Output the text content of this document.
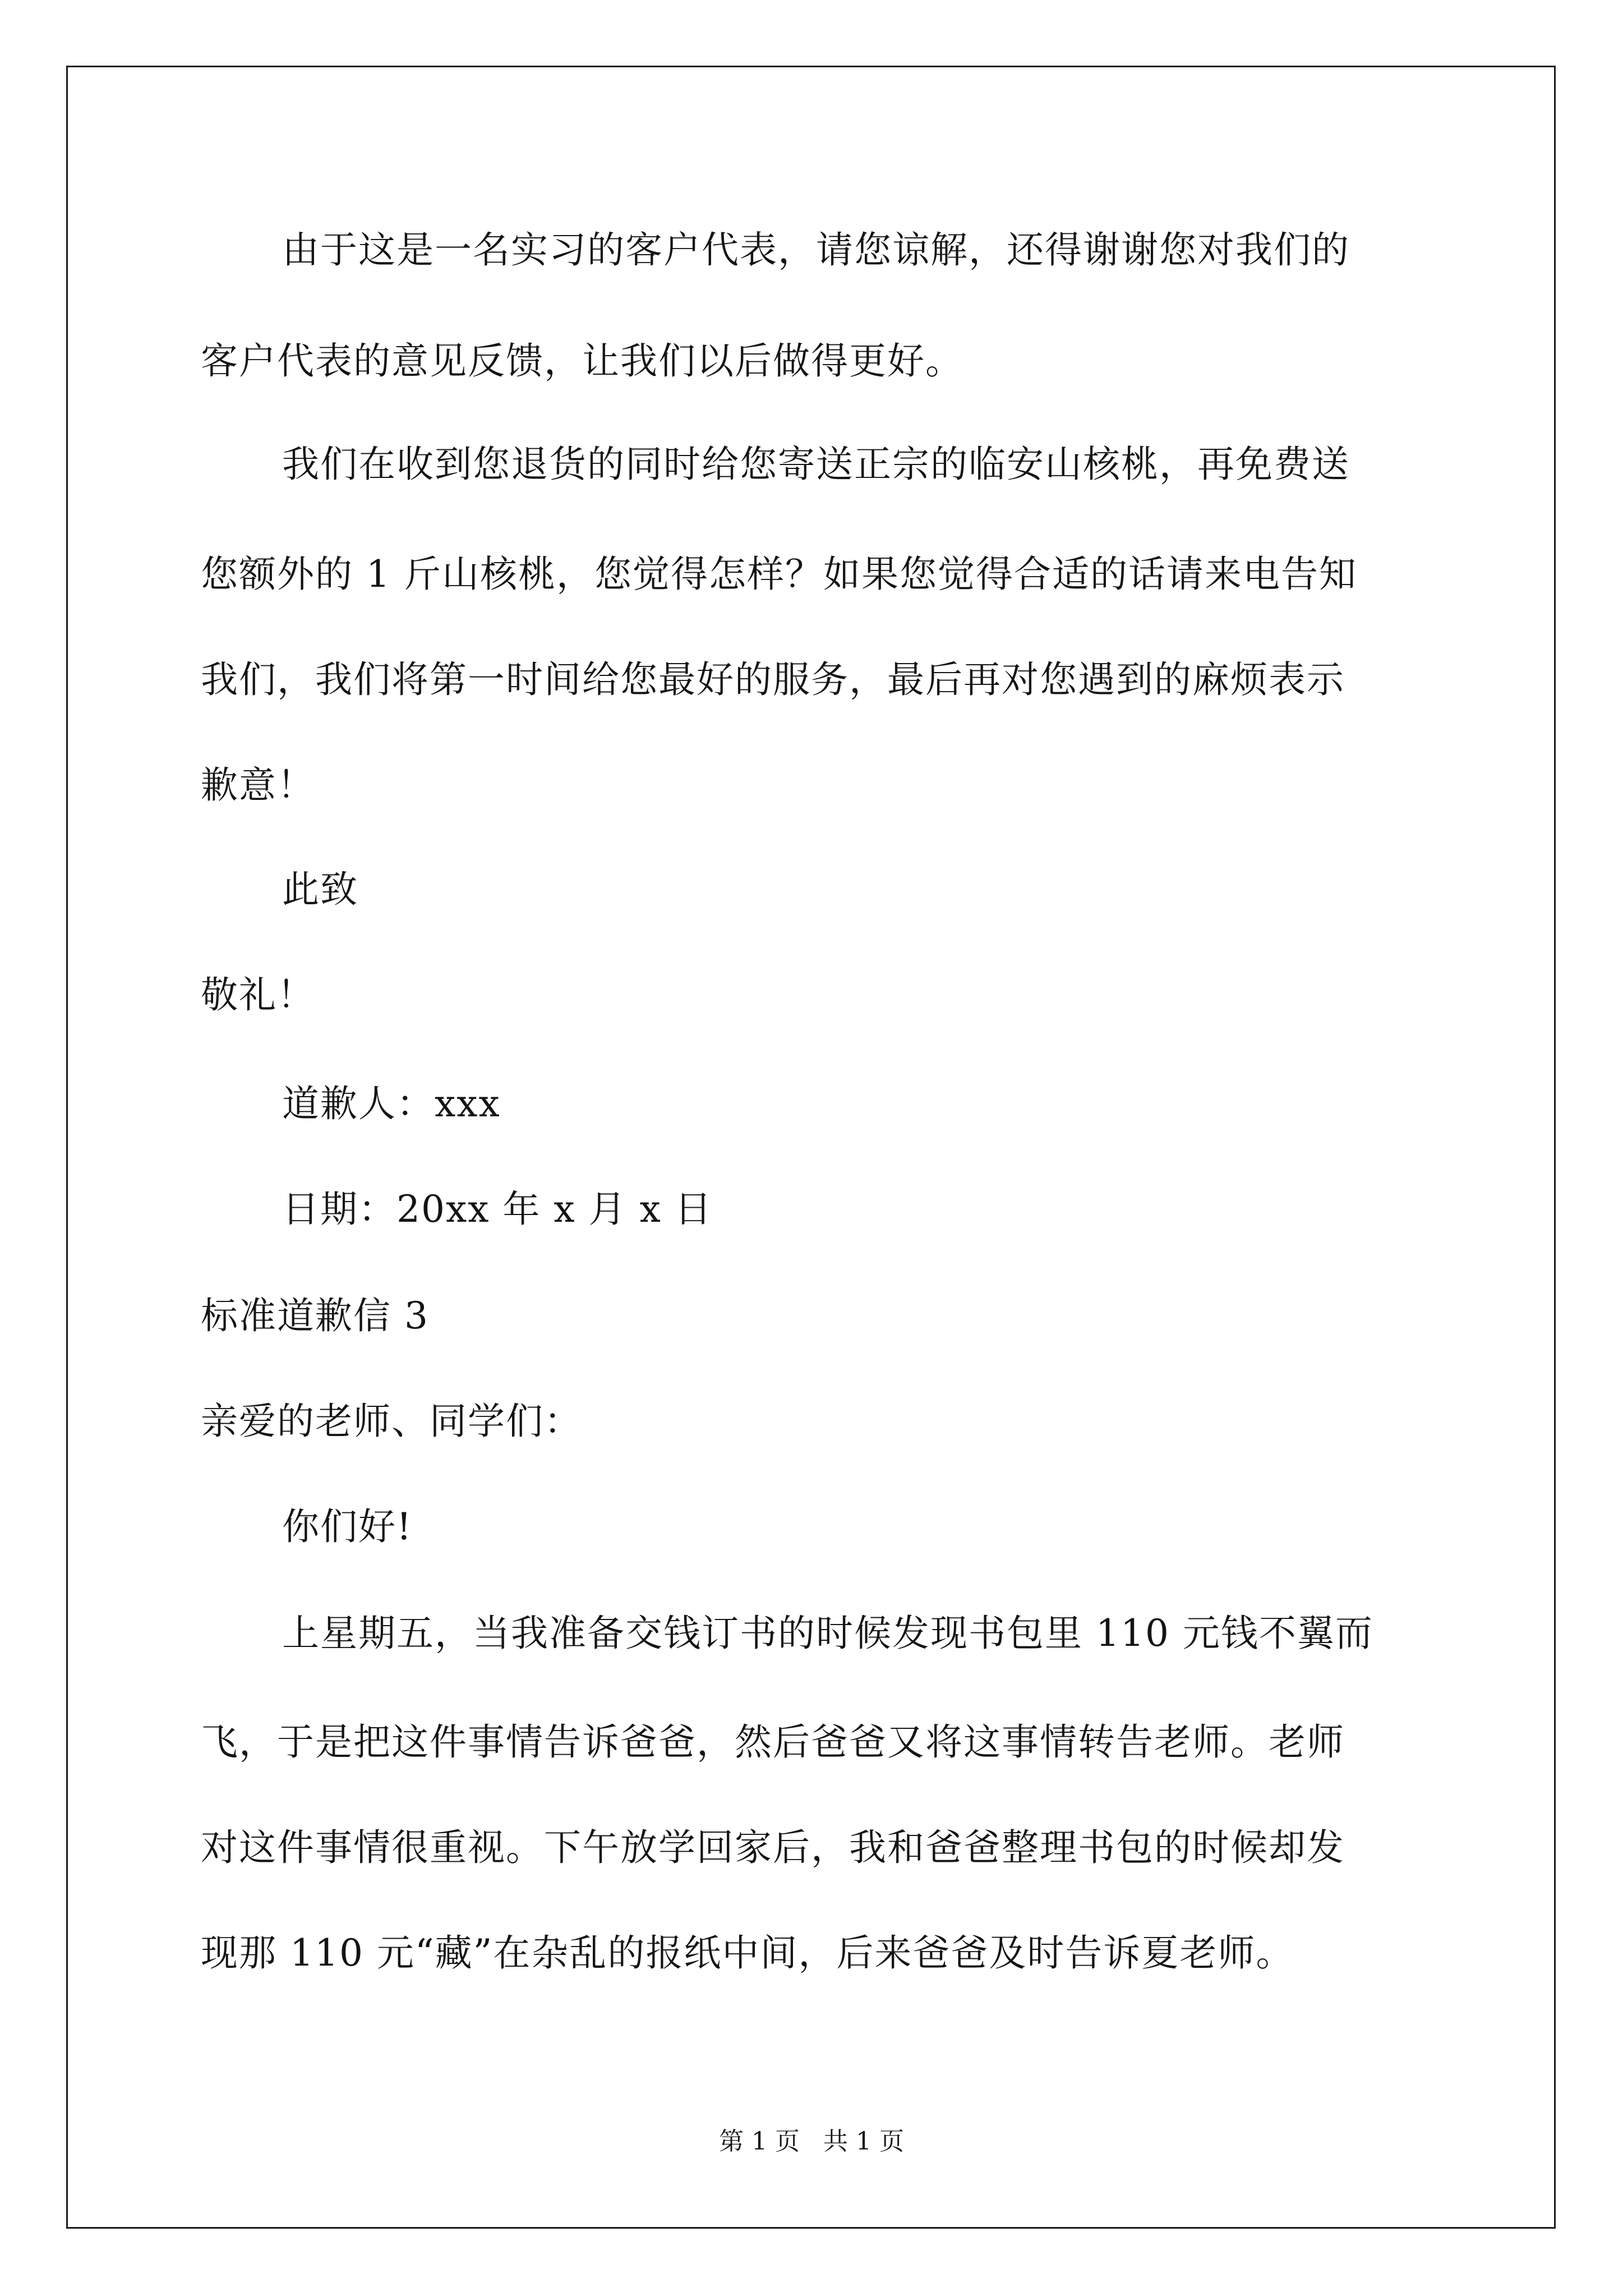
由于这是一名实习的客户代表，请您谅解，还得谢谢您对我们的
客户代表的意见反馈，让我们以后做得更好。
我们在收到您退货的同时给您寄送正宗的临安山核桃，再免费送
您额外的 1 斤山核桃，您觉得怎样？如果您觉得合适的话请来电告知
我们，我们将第一时间给您最好的服务，最后再对您遇到的麻烦表示
歉意！
此致
敬礼！
道歉人：xxx
日期：20xx 年 x 月 x 日
标准道歉信 3
亲爱的老师、同学们：
你们好!
上星期五，当我准备交钱订书的时候发现书包里 110 元钱不翼而
飞，于是把这件事情告诉爸爸，然后爸爸又将这事情转告老师。老师
对这件事情很重视。下午放学回家后，我和爸爸整理书包的时候却发
现那 110 元“藏”在杂乱的报纸中间，后来爸爸及时告诉夏老师。
第 1 页 共 1 页
